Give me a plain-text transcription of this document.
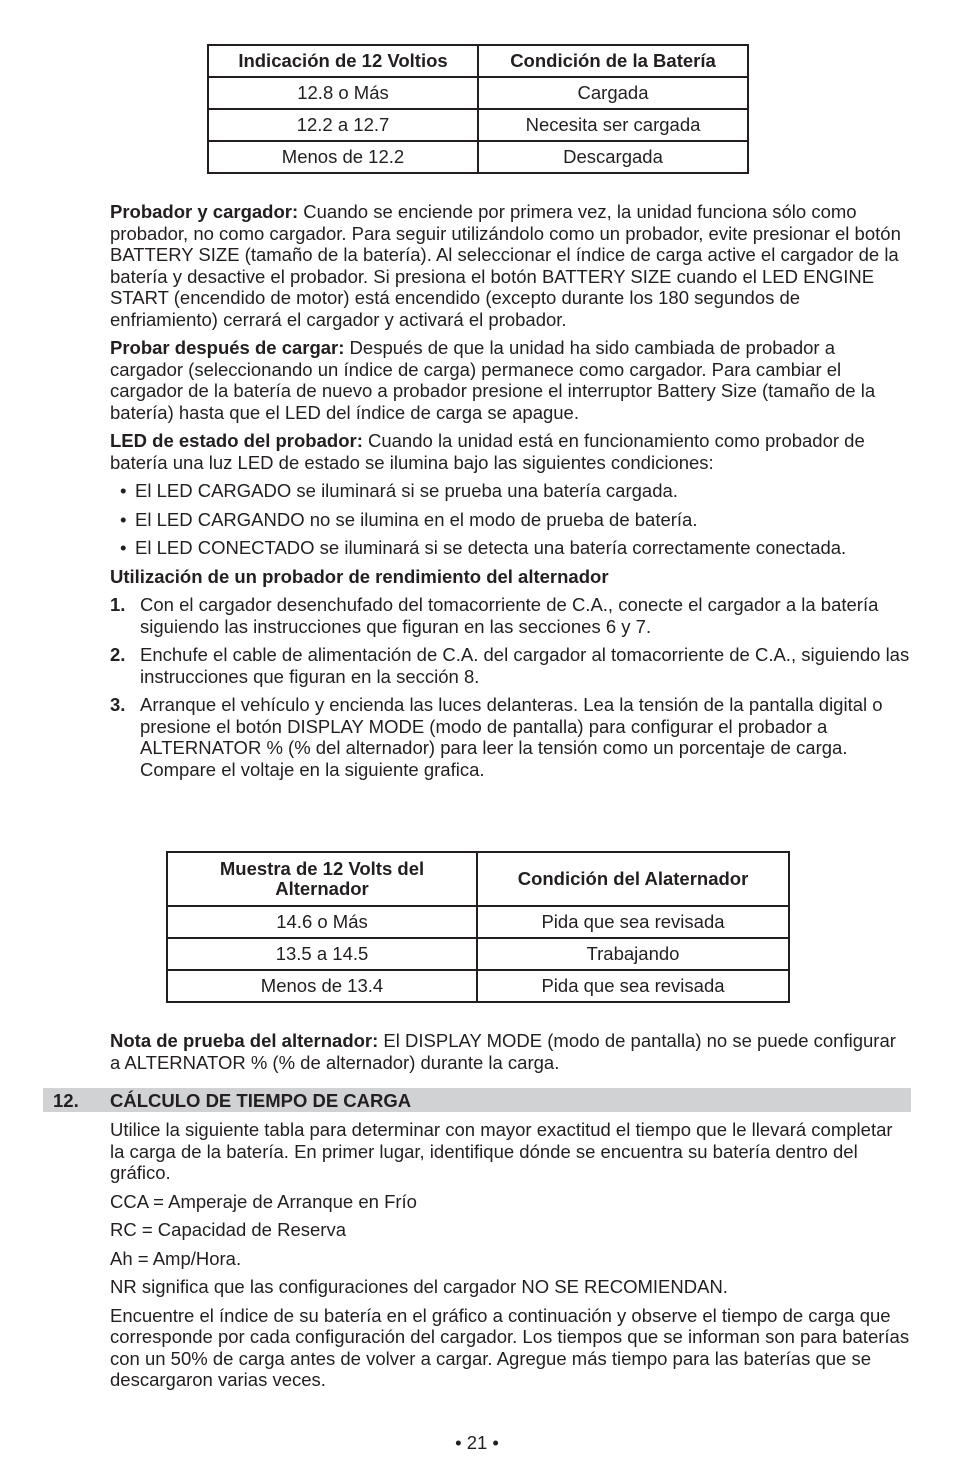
Indicación de 12 Voltios	Condición de la Batería
12.8 o Más	Cargada
12.2 a 12.7	Necesita ser cargada
Menos de 12.2	Descargada

Probador y cargador: Cuando se enciende por primera vez, la unidad funciona sólo como probador, no como cargador. Para seguir utilizándolo como un probador, evite presionar el botón BATTERY SIZE (tamaño de la batería). Al seleccionar el índice de carga active el cargador de la batería y desactive el probador. Si presiona el botón BATTERY SIZE cuando el LED ENGINE START (encendido de motor) está encendido (excepto durante los 180 segundos de enfriamiento) cerrará el cargador y activará el probador.

Probar después de cargar: Después de que la unidad ha sido cambiada de probador a cargador (seleccionando un índice de carga) permanece como cargador. Para cambiar el cargador de la batería de nuevo a probador presione el interruptor Battery Size (tamaño de la batería) hasta que el LED del índice de carga se apague.

LED de estado del probador: Cuando la unidad está en funcionamiento como probador de batería una luz LED de estado se ilumina bajo las siguientes condiciones:

• El LED CARGADO se iluminará si se prueba una batería cargada.
• El LED CARGANDO no se ilumina en el modo de prueba de batería.
• El LED CONECTADO se iluminará si se detecta una batería correctamente conectada.

Utilización de un probador de rendimiento del alternador

1. Con el cargador desenchufado del tomacorriente de C.A., conecte el cargador a la batería siguiendo las instrucciones que figuran en las secciones 6 y 7.
2. Enchufe el cable de alimentación de C.A. del cargador al tomacorriente de C.A., siguiendo las instrucciones que figuran en la sección 8.
3. Arranque el vehículo y encienda las luces delanteras. Lea la tensión de la pantalla digital o presione el botón DISPLAY MODE (modo de pantalla) para configurar el probador a ALTERNATOR % (% del alternador) para leer la tensión como un porcentaje de carga. Compare el voltaje en la siguiente grafica.
Muestra de 12 Volts del Alternador	Condición del Alaternador
14.6 o Más	Pida que sea revisada
13.5 a 14.5	Trabajando
Menos de 13.4	Pida que sea revisada

Nota de prueba del alternador: El DISPLAY MODE (modo de pantalla) no se puede configurar a ALTERNATOR % (% de alternador) durante la carga.

12. CÁLCULO DE TIEMPO DE CARGA

Utilice la siguiente tabla para determinar con mayor exactitud el tiempo que le llevará completar la carga de la batería. En primer lugar, identifique dónde se encuentra su batería dentro del gráfico.

CCA = Amperaje de Arranque en Frío

RC = Capacidad de Reserva

Ah = Amp/Hora.

NR significa que las configuraciones del cargador NO SE RECOMIENDAN.

Encuentre el índice de su batería en el gráfico a continuación y observe el tiempo de carga que corresponde por cada configuración del cargador. Los tiempos que se informan son para baterías con un 50% de carga antes de volver a cargar. Agregue más tiempo para las baterías que se descargaron varias veces.

• 21 •
